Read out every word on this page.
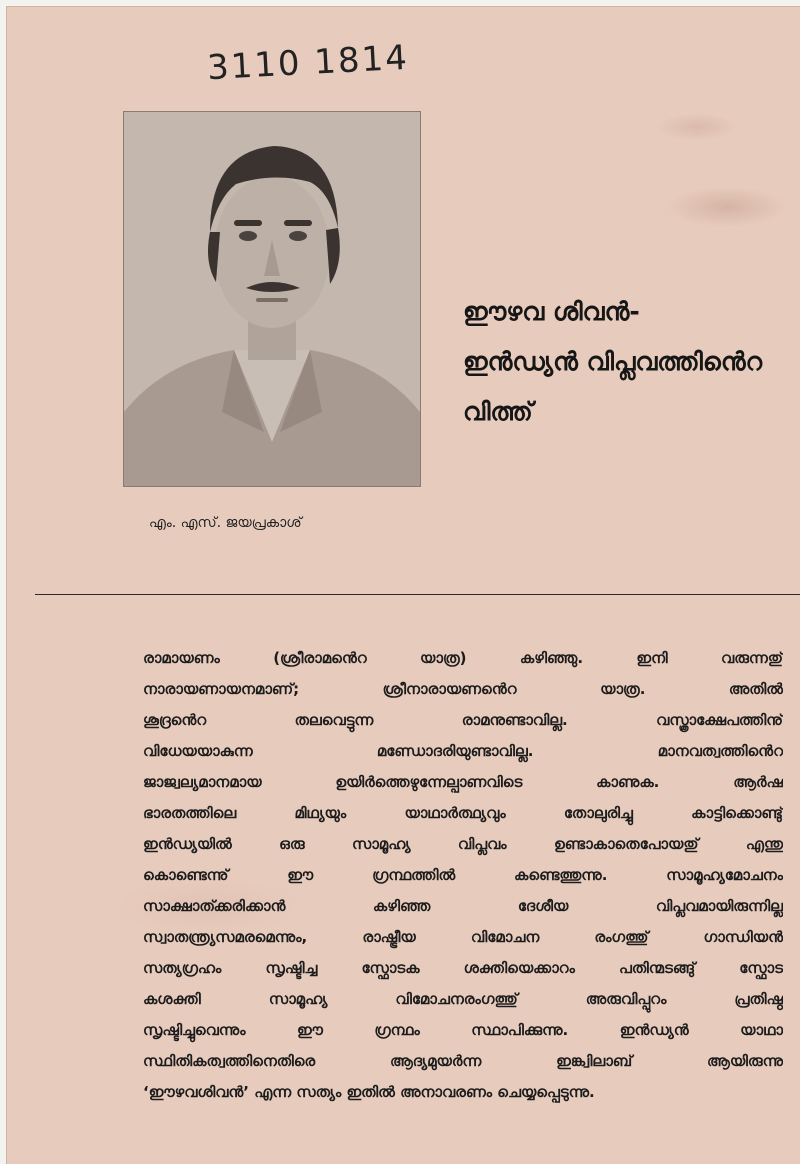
3110 1814
എം. എസ്. ജയപ്രകാശ്
ഈഴവ ശിവൻ-
ഇൻഡ്യൻ വിപ്ലവത്തിൻെറ
വിത്ത്
രാമായണം (ശ്രീരാമൻെറ യാത്ര) കഴിഞ്ഞു. ഇനി വരുന്നതു്
നാരായണായനമാണ്; ശ്രീനാരായണൻെറ യാത്ര. അതിൽ
ശൂദ്രൻെറ തലവെട്ടുന്ന രാമനുണ്ടാവില്ല. വസ്ത്രാക്ഷേപത്തിനു്
വിധേയയാകുന്ന മണ്ഡോദരിയുണ്ടാവില്ല. മാനവത്വത്തിൻെറ
ജാജ്വല്യമാനമായ ഉയിർത്തെഴുന്നേല്പാണവിടെ കാണുക. ആർഷ
ഭാരതത്തിലെ മിഥ്യയും യാഥാർത്ഥ്യവും തോലുരിച്ചു കാട്ടിക്കൊണ്ടു്
ഇൻഡ്യയിൽ ഒരു സാമൂഹ്യ വിപ്ലവം ഉണ്ടാകാതെപോയതു് എന്തു
കൊണ്ടെന്നു് ഈ ഗ്രന്ഥത്തിൽ കണ്ടെത്തുന്നു. സാമൂഹ്യമോചനം
സാക്ഷാത്ക്കരിക്കാൻ കഴിഞ്ഞ ദേശീയ വിപ്ലവമായിരുന്നില്ല
സ്വാതന്ത്ര്യസമരമെന്നും, രാഷ്ട്രീയ വിമോചന രംഗത്തു് ഗാന്ധിയൻ
സത്യഗ്രഹം സൃഷ്ടിച്ച സ്ഫോടക ശക്തിയെക്കാറം പതിന്മടങ്ങു് സ്ഫോട
കശക്തി സാമൂഹ്യ വിമോചനരംഗത്തു് അരുവിപ്പുറം പ്രതിഷ്ഠ
സൃഷ്ടിച്ചുവെന്നും ഈ ഗ്രന്ഥം സ്ഥാപിക്കുന്നു. ഇൻഡ്യൻ യാഥാ
സ്ഥിതികത്വത്തിനെതിരെ ആദ്യമുയർന്ന ഇങ്ക്വിലാബ് ആയിരുന്നു
‘ഈഴവശിവൻ’ എന്ന സത്യം ഇതിൽ അനാവരണം ചെയ്യപ്പെടുന്നു.
